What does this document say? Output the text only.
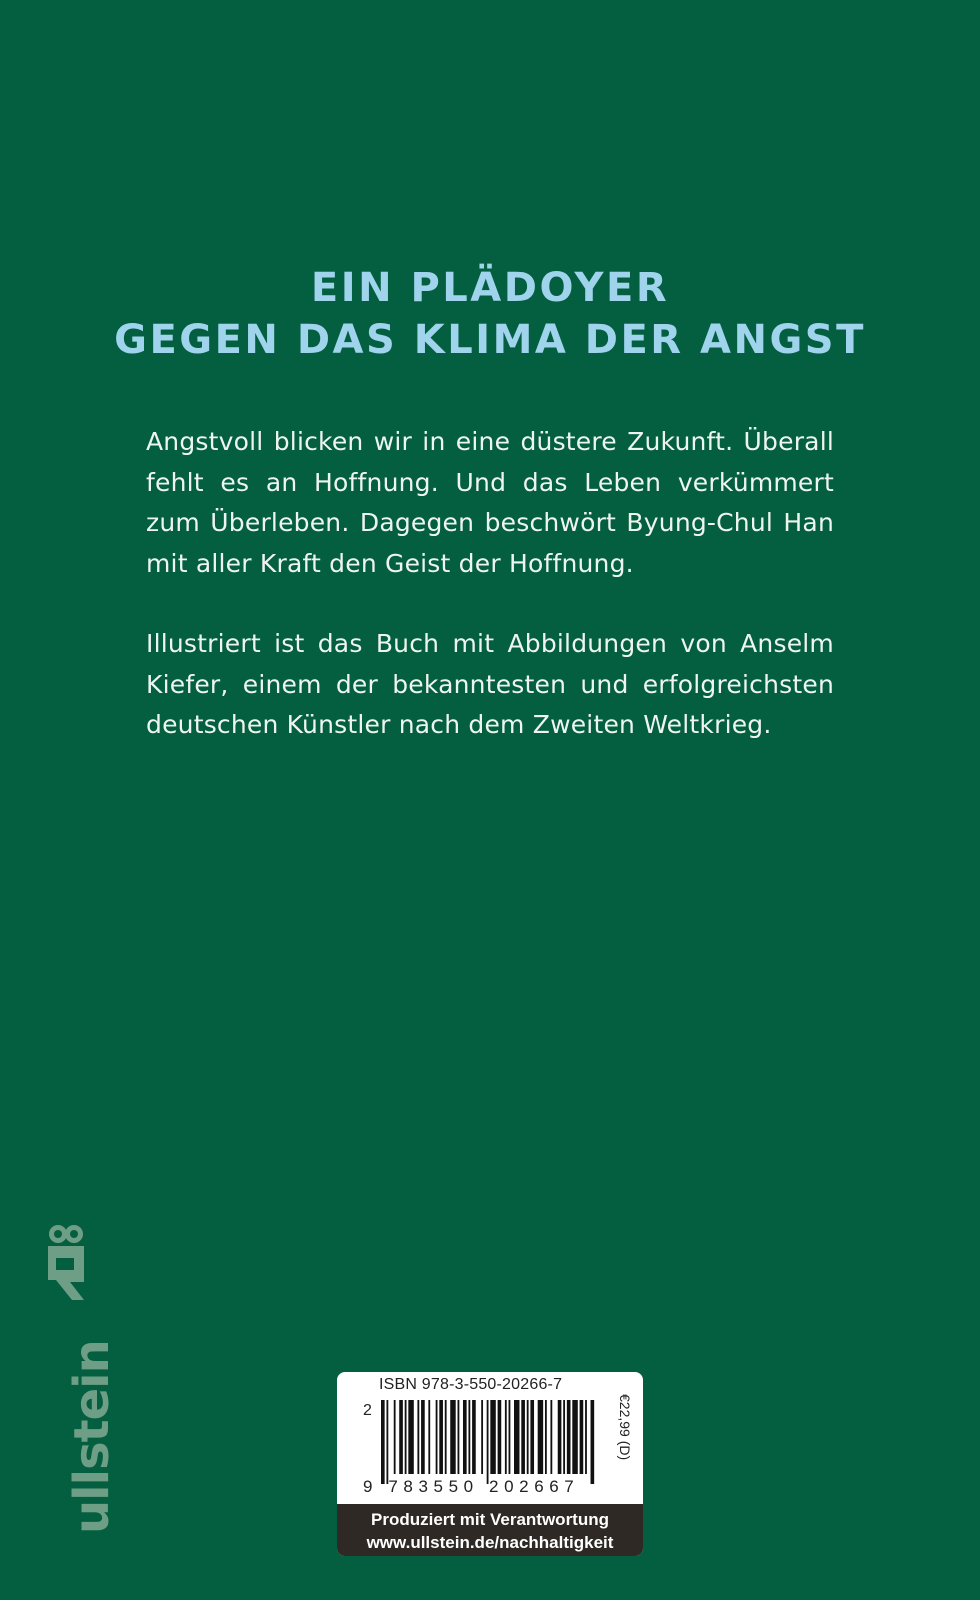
EIN PLÄDOYER
GEGEN DAS KLIMA DER ANGST

Angstvoll blicken wir in eine düstere Zukunft. Überall fehlt es an Hoffnung. Und das Leben verkümmert zum Überleben. Dagegen beschwört Byung-Chul Han mit aller Kraft den Geist der Hoffnung.

Illustriert ist das Buch mit Abbildungen von Anselm Kiefer, einem der bekanntesten und erfolgreichsten deutschen Künstler nach dem Zweiten Weltkrieg.

ullstein	ISBN 978-3-550-20266-7
2
9 783550 202667
€22,99 (D)
Produziert mit Verantwortung
www.ullstein.de/nachhaltigkeit
